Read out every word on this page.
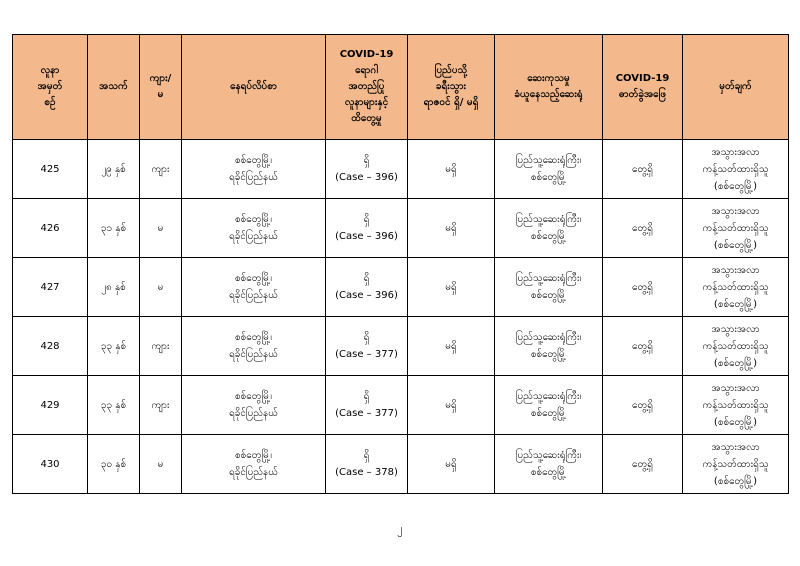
လူနာ
အမှတ်
စဉ်	အသက်	ကျား/
မ	နေရပ်လိပ်စာ	COVID-19
ရောဂါ
အတည်ပြု
လူနာများနှင့်
ထိတွေ့မှု	ပြည်ပသို့
ခရီးသွား
ရာဇဝင် ရှိ/ မရှိ	ဆေးကုသမှု
ခံယူနေသည့်ဆေးရုံ	COVID-19
ဓာတ်ခွဲအဖြေ	မှတ်ချက်

425	၂၉ နှစ်	ကျား	စစ်တွေမြို့၊
ရခိုင်ပြည်နယ်	ရှိ
(Case – 396)	မရှိ	ပြည်သူ့ဆေးရုံကြီး၊
စစ်တွေမြို့	တွေ့ရှိ	အသွားအလာ
ကန့်သတ်ထားရှိသူ
(စစ်တွေမြို့)

426	၃၁ နှစ်	မ	စစ်တွေမြို့၊
ရခိုင်ပြည်နယ်	ရှိ
(Case – 396)	မရှိ	ပြည်သူ့ဆေးရုံကြီး၊
စစ်တွေမြို့	တွေ့ရှိ	အသွားအလာ
ကန့်သတ်ထားရှိသူ
(စစ်တွေမြို့)

427	၂၈ နှစ်	မ	စစ်တွေမြို့၊
ရခိုင်ပြည်နယ်	ရှိ
(Case – 396)	မရှိ	ပြည်သူ့ဆေးရုံကြီး၊
စစ်တွေမြို့	တွေ့ရှိ	အသွားအလာ
ကန့်သတ်ထားရှိသူ
(စစ်တွေမြို့)

428	၃၃ နှစ်	ကျား	စစ်တွေမြို့၊
ရခိုင်ပြည်နယ်	ရှိ
(Case – 377)	မရှိ	ပြည်သူ့ဆေးရုံကြီး၊
စစ်တွေမြို့	တွေ့ရှိ	အသွားအလာ
ကန့်သတ်ထားရှိသူ
(စစ်တွေမြို့)

429	၃၃ နှစ်	ကျား	စစ်တွေမြို့၊
ရခိုင်ပြည်နယ်	ရှိ
(Case – 377)	မရှိ	ပြည်သူ့ဆေးရုံကြီး၊
စစ်တွေမြို့	တွေ့ရှိ	အသွားအလာ
ကန့်သတ်ထားရှိသူ
(စစ်တွေမြို့)

430	၃၀ နှစ်	မ	စစ်တွေမြို့၊
ရခိုင်ပြည်နယ်	ရှိ
(Case – 378)	မရှိ	ပြည်သူ့ဆေးရုံကြီး၊
စစ်တွေမြို့	တွေ့ရှိ	အသွားအလာ
ကန့်သတ်ထားရှိသူ
(စစ်တွေမြို့)
၂
